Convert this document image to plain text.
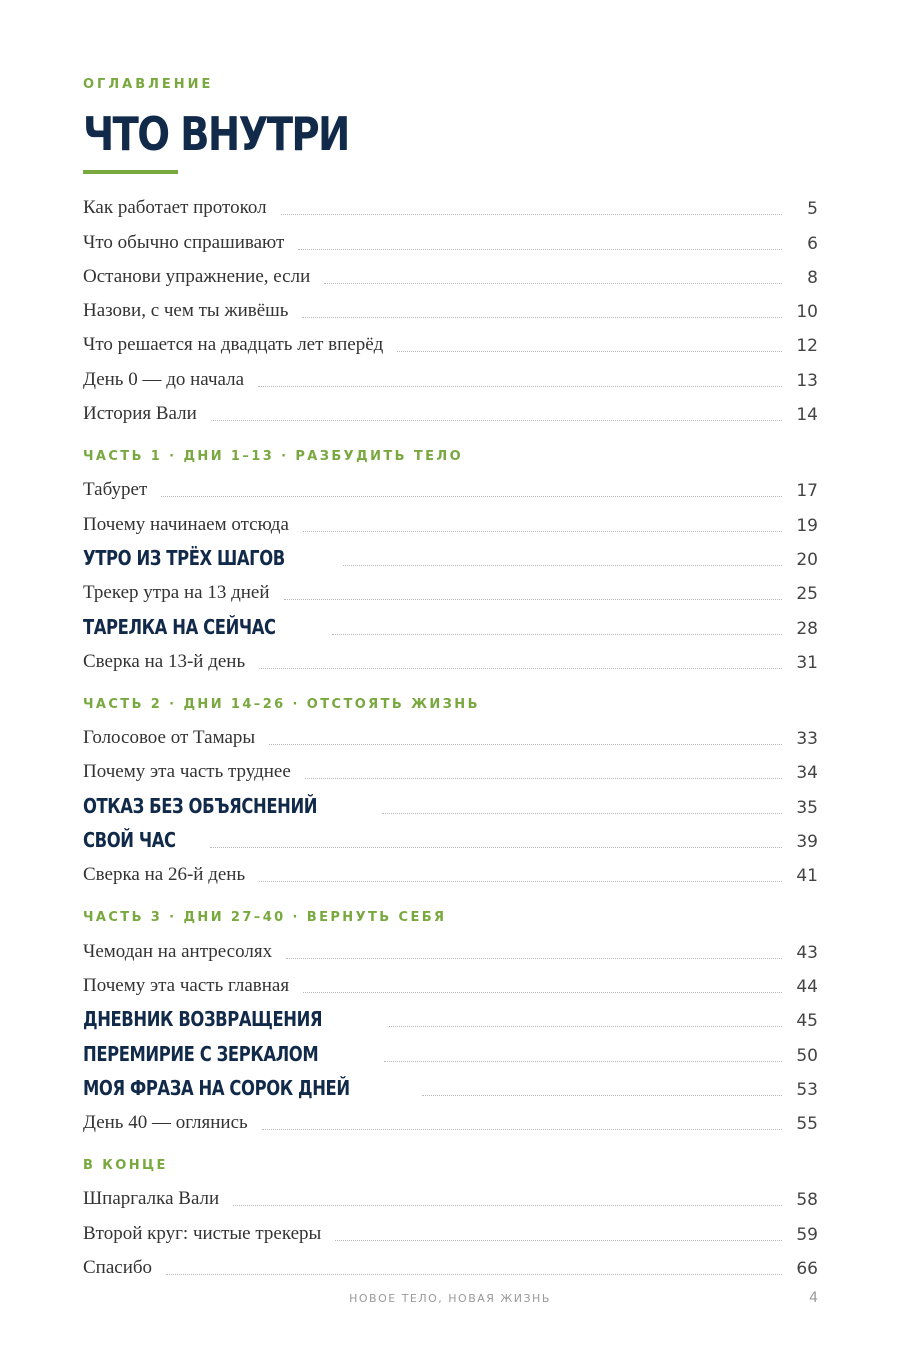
ОГЛАВЛЕНИЕ
ЧТО ВНУТРИ
Как работает протокол	5
Что обычно спрашивают	6
Останови упражнение, если	8
Назови, с чем ты живёшь	10
Что решается на двадцать лет вперёд	12
День 0 — до начала	13
История Вали	14
ЧАСТЬ 1 · ДНИ 1–13 · РАЗБУДИТЬ ТЕЛО
Табурет	17
Почему начинаем отсюда	19
УТРО ИЗ ТРЁХ ШАГОВ	20
Трекер утра на 13 дней	25
ТАРЕЛКА НА СЕЙЧАС	28
Сверка на 13-й день	31
ЧАСТЬ 2 · ДНИ 14–26 · ОТСТОЯТЬ ЖИЗНЬ
Голосовое от Тамары	33
Почему эта часть труднее	34
ОТКАЗ БЕЗ ОБЪЯСНЕНИЙ	35
СВОЙ ЧАС	39
Сверка на 26-й день	41
ЧАСТЬ 3 · ДНИ 27–40 · ВЕРНУТЬ СЕБЯ
Чемодан на антресолях	43
Почему эта часть главная	44
ДНЕВНИК ВОЗВРАЩЕНИЯ	45
ПЕРЕМИРИЕ С ЗЕРКАЛОМ	50
МОЯ ФРАЗА НА СОРОК ДНЕЙ	53
День 40 — оглянись	55
В КОНЦЕ
Шпаргалка Вали	58
Второй круг: чистые трекеры	59
Спасибо	66
НОВОЕ ТЕЛО, НОВАЯ ЖИЗНЬ	4
